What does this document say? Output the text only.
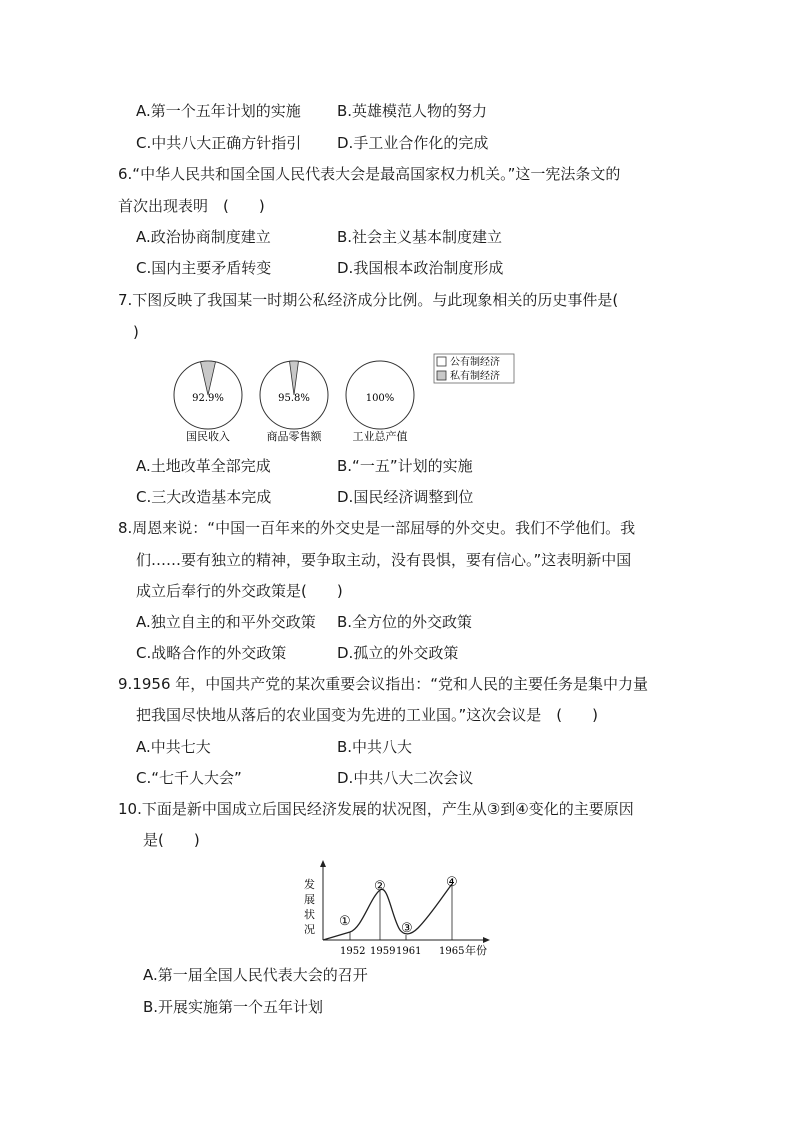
A.第一个五年计划的实施 B.英雄模范人物的努力
C.中共八大正确方针指引 D.手工业合作化的完成
6.“中华人民共和国全国人民代表大会是最高国家权力机关。”这一宪法条文的
首次出现表明　(　　)
A.政治协商制度建立	B.社会主义基本制度建立
C.国内主要矛盾转变	D.我国根本政治制度形成
7.下图反映了我国某一时期公私经济成分比例。与此现象相关的历史事件是(
)
公有制经济
私有制经济
92.9%
国民收入
95.8%
商品零售额
100%
工业总产值
A.土地改革全部完成	B.“一五”计划的实施
C.三大改造基本完成	D.国民经济调整到位
8.周恩来说：“中国一百年来的外交史是一部屈辱的外交史。我们不学他们。我
们……要有独立的精神，要争取主动，没有畏惧，要有信心。”这表明新中国
成立后奉行的外交政策是(　　)
A.独立自主的和平外交政策 B.全方位的外交政策
C.战略合作的外交政策	D.孤立的外交政策
9.1956 年，中国共产党的某次重要会议指出：“党和人民的主要任务是集中力量
把我国尽快地从落后的农业国变为先进的工业国。”这次会议是　(　　)
A.中共七大	B.中共八大
C.“七千人大会”	D.中共八大二次会议
10.下面是新中国成立后国民经济发展的状况图，产生从③到④变化的主要原因
是(　　)
发
展
状
况
①
②
③
④
1952 1959 1961 1965 年份
A.第一届全国人民代表大会的召开
B.开展实施第一个五年计划
